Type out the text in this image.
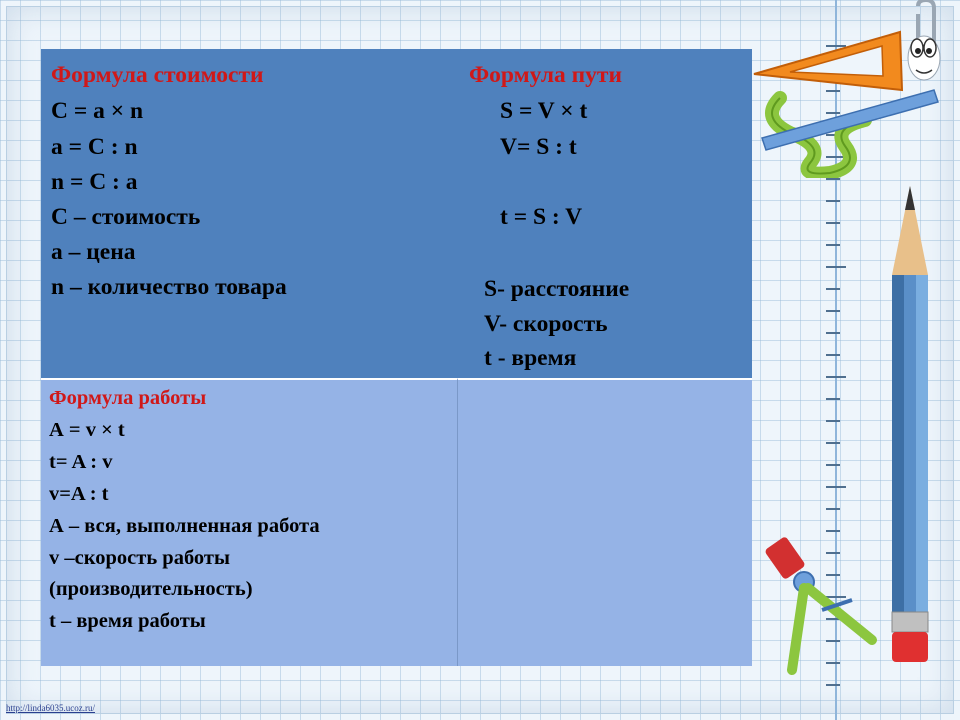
Формула стоимости
С = а × n
а = С : n
n = С : а
С – стоимость
а – цена
n – количество товара
Формула пути
S = V × t
V= S : t
t = S : V
S- расстояние
V- скорость
t - время
Формула работы
А = v × t
t= A : v
v=A : t
А – вся, выполненная работа
v –скорость работы
(производительность)
t – время работы
http://linda6035.ucoz.ru/
